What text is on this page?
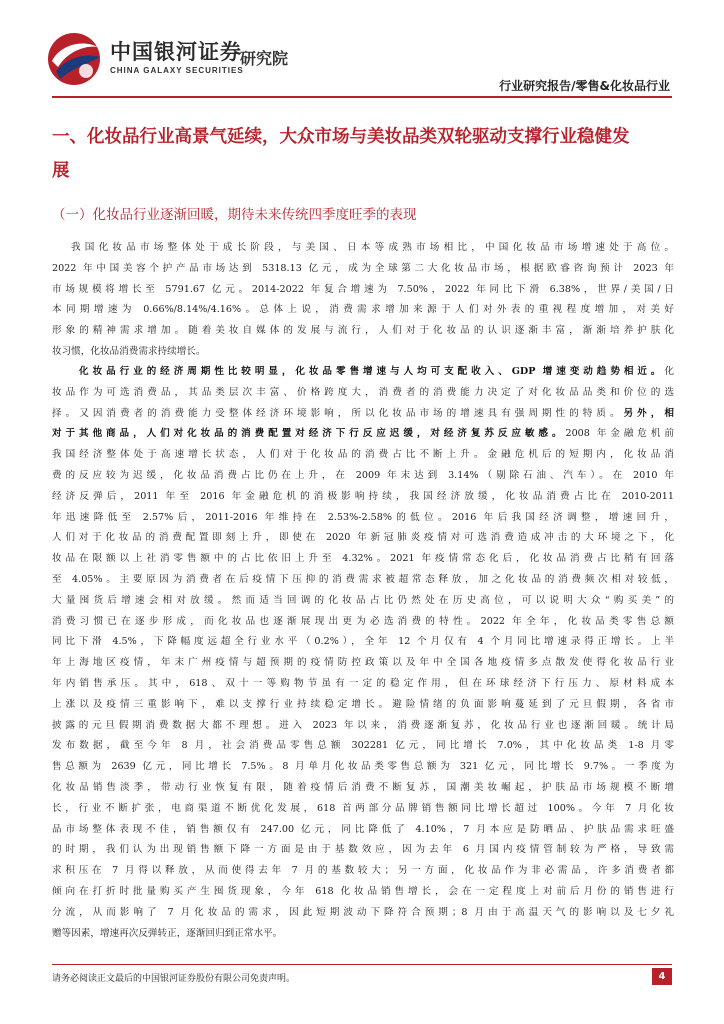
中国银河证券
CHINA GALAXY SECURITIES
研究院
行业研究报告/零售&化妆品行业
一、化妆品行业高景气延续，大众市场与美妆品类双轮驱动支撑行业稳健发展
（一）化妆品行业逐渐回暖，期待未来传统四季度旺季的表现
我国化妆品市场整体处于成长阶段，与美国、日本等成熟市场相比，中国化妆品市场增速处于高位。
2022 年中国美容个护产品市场达到 5318.13 亿元，成为全球第二大化妆品市场，根据欧睿咨询预计 2023 年
市场规模将增长至 5791.67 亿元。2014-2022 年复合增速为 7.50%，2022 年同比下滑 6.38%，世界/美国/日
本同期增速为 0.66%/8.14%/4.16%。总体上说，消费需求增加来源于人们对外表的重视程度增加，对美好
形象的精神需求增加。随着美妆自媒体的发展与流行，人们对于化妆品的认识逐渐丰富，渐渐培养护肤化
妆习惯，化妆品消费需求持续增长。
　　化妆品行业的经济周期性比较明显，化妆品零售增速与人均可支配收入、GDP 增速变动趋势相近。化
妆品作为可选消费品，其品类层次丰富、价格跨度大，消费者的消费能力决定了对化妆品品类和价位的选
择。又因消费者的消费能力受整体经济环境影响，所以化妆品市场的增速具有强周期性的特质。另外，相
对于其他商品，人们对化妆品的消费配置对经济下行反应迟缓，对经济复苏反应敏感。2008 年金融危机前
我国经济整体处于高速增长状态，人们对于化妆品的消费占比不断上升。金融危机后的短期内，化妆品消
费的反应较为迟缓，化妆品消费占比仍在上升，在 2009 年末达到 3.14%（剔除石油、汽车）。在 2010 年
经济反弹后，2011 年至 2016 年金融危机的消极影响持续，我国经济放缓，化妆品消费占比在 2010-2011
年迅速降低至 2.57%后，2011-2016 年维持在 2.53%-2.58%的低位。2016 年后我国经济调整，增速回升，
人们对于化妆品的消费配置即刻上升，即使在 2020 年新冠肺炎疫情对可选消费造成冲击的大环境之下，化
妆品在限额以上社消零售额中的占比依旧上升至 4.32%。2021 年疫情常态化后，化妆品消费占比稍有回落
至 4.05%。主要原因为消费者在后疫情下压抑的消费需求被超常态释放，加之化妆品的消费频次相对较低，
大量囤货后增速会相对放缓。然而适当回调的化妆品占比仍然处在历史高位，可以说明大众“购买美”的
消费习惯已在逐步形成，而化妆品也逐渐展现出更为必选消费的特性。2022 年全年，化妆品类零售总额
同比下滑 4.5%，下降幅度远超全行业水平（0.2%），全年 12 个月仅有 4 个月同比增速录得正增长。上半
年上海地区疫情，年末广州疫情与超预期的疫情防控政策以及年中全国各地疫情多点散发使得化妆品行业
年内销售承压。其中，618、双十一等购物节虽有一定的稳定作用，但在环球经济下行压力、原材料成本
上涨以及疫情三重影响下，难以支撑行业持续稳定增长。避险情绪的负面影响蔓延到了元旦假期，各省市
披露的元旦假期消费数据大都不理想。进入 2023 年以来，消费逐渐复苏，化妆品行业也逐渐回暖。统计局
发布数据，截至今年 8 月，社会消费品零售总额 302281 亿元，同比增长 7.0%，其中化妆品类 1-8 月零
售总额为 2639 亿元，同比增长 7.5%。8 月单月化妆品类零售总额为 321 亿元，同比增长 9.7%。一季度为
化妆品销售淡季，带动行业恢复有限，随着疫情后消费不断复苏，国潮美妆崛起，护肤品市场规模不断增
长，行业不断扩张，电商渠道不断优化发展，618 首两部分品牌销售额同比增长超过 100%。今年 7 月化妆
品市场整体表现不佳，销售额仅有 247.00 亿元，同比降低了 4.10%，7 月本应是防晒品、护肤品需求旺盛
的时期，我们认为出现销售额下降一方面是由于基数效应，因为去年 6 月国内疫情管制较为严格，导致需
求积压在 7 月得以释放，从而使得去年 7 月的基数较大；另一方面，化妆品作为非必需品，许多消费者都
倾向在打折时批量购买产生囤货现象，今年 618 化妆品销售增长，会在一定程度上对前后月份的销售进行
分流，从而影响了 7 月化妆品的需求，因此短期波动下降符合预期；8 月由于高温天气的影响以及七夕礼
赠等因素，增速再次反弹转正，逐渐回归到正常水平。
请务必阅读正文最后的中国银河证券股份有限公司免责声明。	4
